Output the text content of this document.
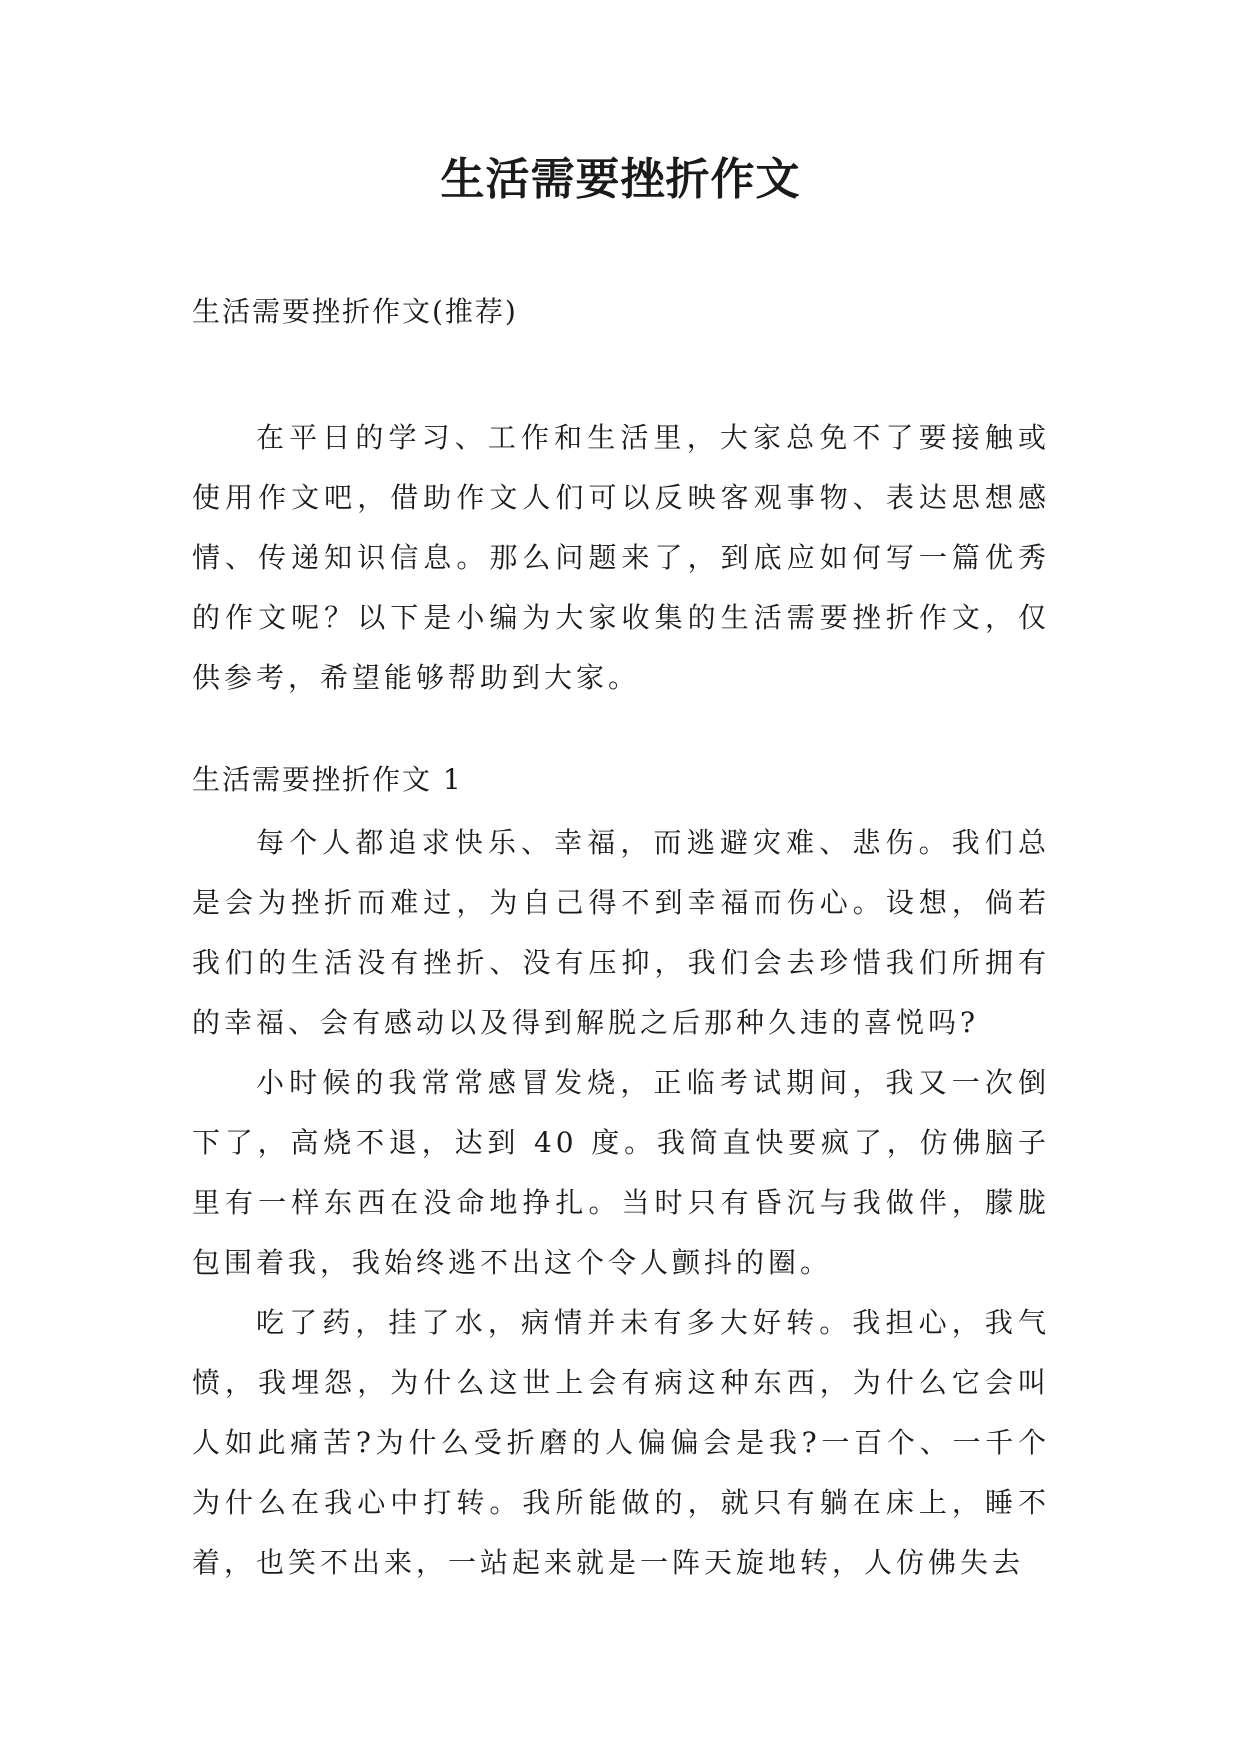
生活需要挫折作文

生活需要挫折作文(推荐)

在平日的学习、工作和生活里，大家总免不了要接触或使用作文吧，借助作文人们可以反映客观事物、表达思想感情、传递知识信息。那么问题来了，到底应如何写一篇优秀的作文呢？以下是小编为大家收集的生活需要挫折作文，仅供参考，希望能够帮助到大家。

生活需要挫折作文 1

每个人都追求快乐、幸福，而逃避灾难、悲伤。我们总是会为挫折而难过，为自己得不到幸福而伤心。设想，倘若我们的生活没有挫折、没有压抑，我们会去珍惜我们所拥有的幸福、会有感动以及得到解脱之后那种久违的喜悦吗?

小时候的我常常感冒发烧，正临考试期间，我又一次倒下了，高烧不退，达到 40 度。我简直快要疯了，仿佛脑子里有一样东西在没命地挣扎。当时只有昏沉与我做伴，朦胧包围着我，我始终逃不出这个令人颤抖的圈。

吃了药，挂了水，病情并未有多大好转。我担心，我气愤，我埋怨，为什么这世上会有病这种东西，为什么它会叫人如此痛苦?为什么受折磨的人偏偏会是我?一百个、一千个为什么在我心中打转。我所能做的，就只有躺在床上，睡不着，也笑不出来，一站起来就是一阵天旋地转，人仿佛失去
